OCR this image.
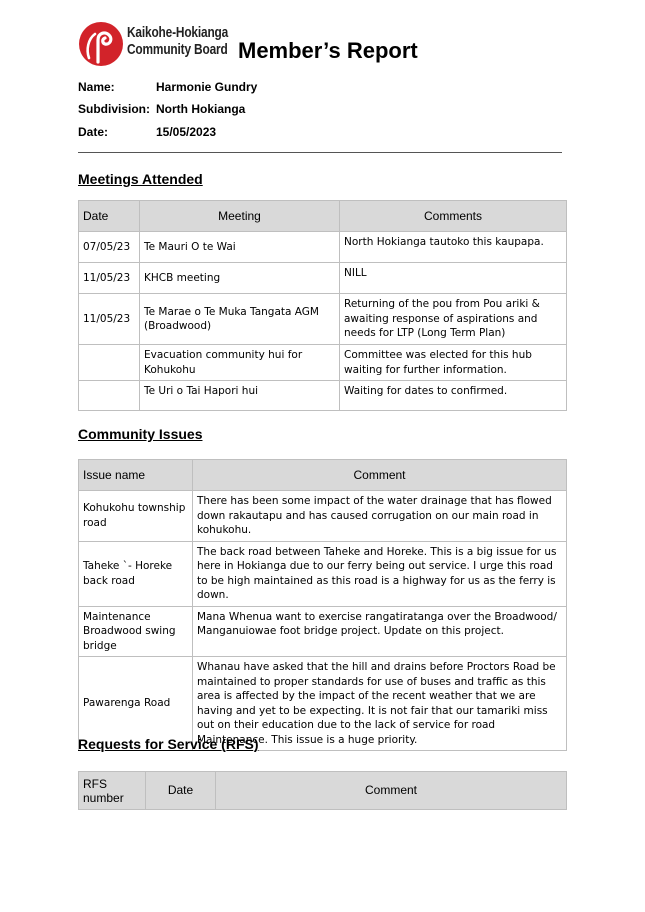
Kaikohe-Hokianga
Community Board Member’s Report
Name:	Harmonie Gundry
Subdivision: North Hokianga
Date:	15/05/2023
Meetings Attended
Date	Meeting	Comments
07/05/23	Te Mauri O te Wai	North Hokianga tautoko this kaupapa.
11/05/23	KHCB meeting	NILL
11/05/23	Te Marae o Te Muka Tangata AGM (Broadwood)	Returning of the pou from Pou ariki & awaiting response of aspirations and needs for LTP (Long Term Plan)
	Evacuation community hui for Kohukohu	Committee was elected for this hub waiting for further information.
	Te Uri o Tai Hapori hui	Waiting for dates to confirmed.
Community Issues
Issue name	Comment
Kohukohu township road	There has been some impact of the water drainage that has flowed down rakautapu and has caused corrugation on our main road in kohukohu.
Taheke `- Horeke back road	The back road between Taheke and Horeke. This is a big issue for us here in Hokianga due to our ferry being out service. I urge this road to be high maintained as this road is a highway for us as the ferry is down.
Maintenance Broadwood swing bridge	Mana Whenua want to exercise rangatiratanga over the Broadwood/ Manganuiowae foot bridge project. Update on this project.
Pawarenga Road	Whanau have asked that the hill and drains before Proctors Road be maintained to proper standards for use of buses and traffic as this area is affected by the impact of the recent weather that we are having and yet to be expecting. It is not fair that our tamariki miss out on their education due to the lack of service for road Maintenance. This issue is a huge priority.
Requests for Service (RFS)
RFS number	Date	Comment
